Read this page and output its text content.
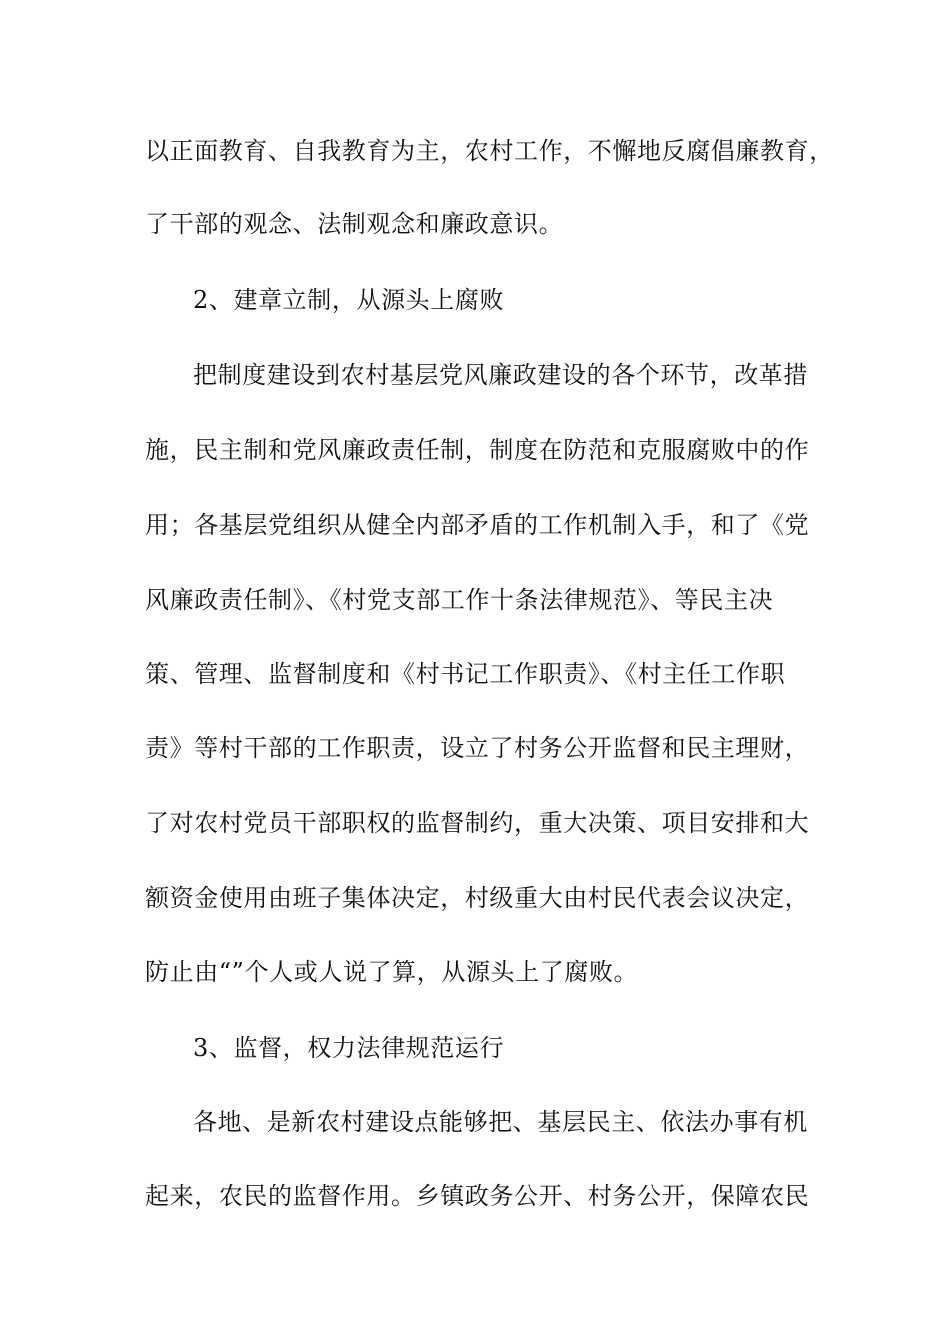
以正面教育、自我教育为主，农村工作，不懈地反腐倡廉教育，
了干部的观念、法制观念和廉政意识。
2、建章立制，从源头上腐败
把制度建设到农村基层党风廉政建设的各个环节，改革措
施，民主制和党风廉政责任制，制度在防范和克服腐败中的作
用；各基层党组织从健全内部矛盾的工作机制入手，和了《党
风廉政责任制》、《村党支部工作十条法律规范》、等民主决
策、管理、监督制度和《村书记工作职责》、《村主任工作职
责》等村干部的工作职责，设立了村务公开监督和民主理财，
了对农村党员干部职权的监督制约，重大决策、项目安排和大
额资金使用由班子集体决定，村级重大由村民代表会议决定，
防止由“”个人或人说了算，从源头上了腐败。
3、监督，权力法律规范运行
各地、是新农村建设点能够把、基层民主、依法办事有机
起来，农民的监督作用。乡镇政务公开、村务公开，保障农民
